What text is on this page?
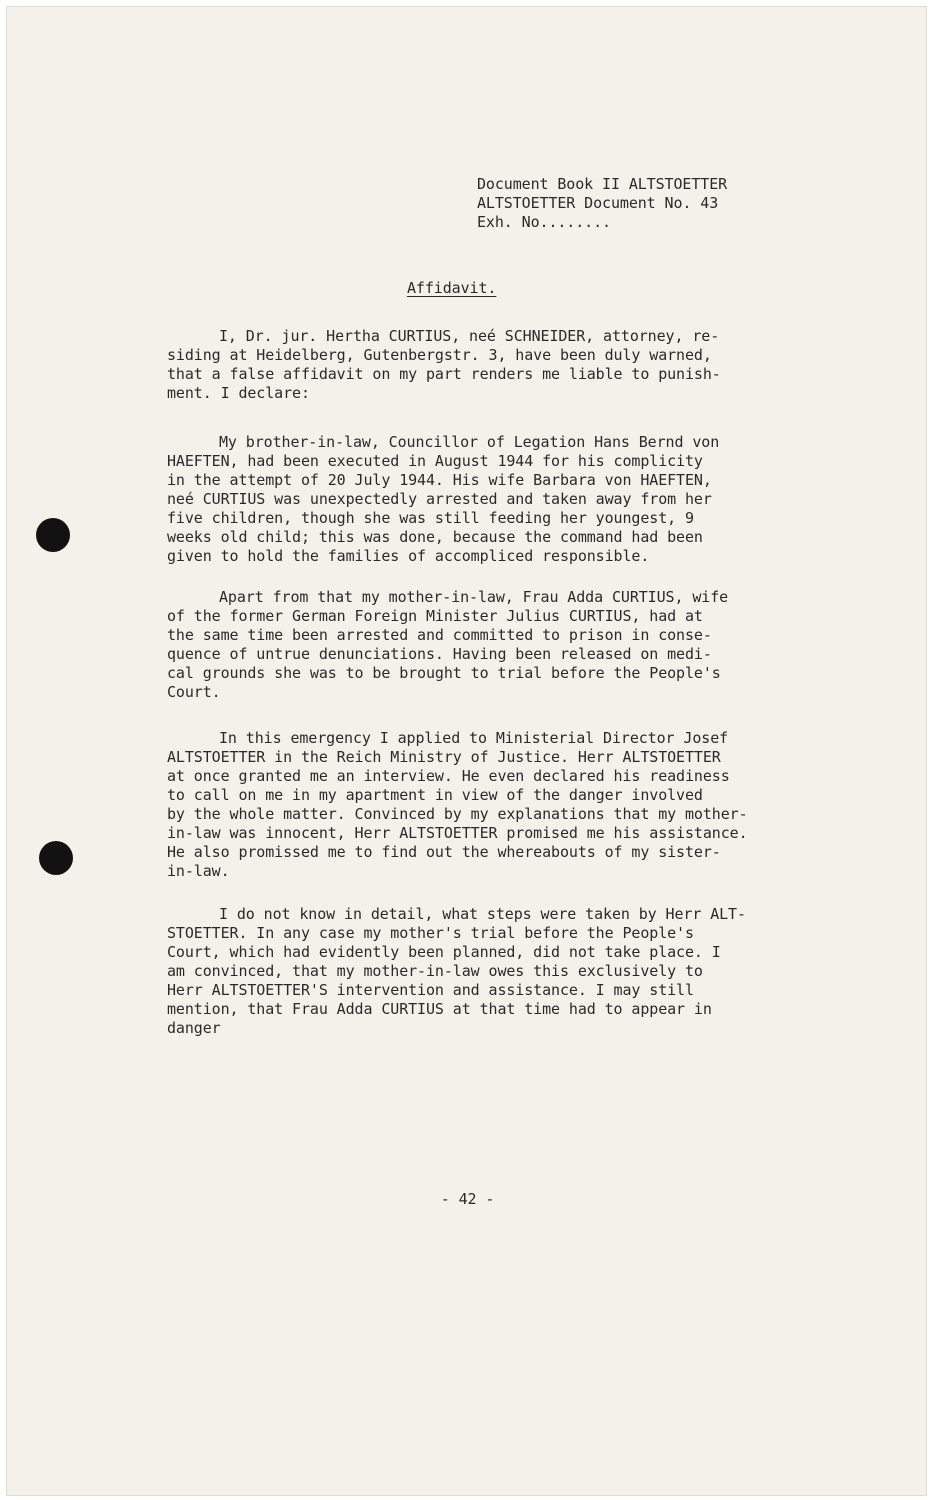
Document Book II ALTSTOETTER
ALTSTOETTER Document No. 43
Exh. No........
Affidavit.
I, Dr. jur. Hertha CURTIUS, neé SCHNEIDER, attorney, re-
siding at Heidelberg, Gutenbergstr. 3, have been duly warned,
that a false affidavit on my part renders me liable to punish-
ment. I declare:
My brother-in-law, Councillor of Legation Hans Bernd von
HAEFTEN, had been executed in August 1944 for his complicity
in the attempt of 20 July 1944. His wife Barbara von HAEFTEN,
neé CURTIUS was unexpectedly arrested and taken away from her
five children, though she was still feeding her youngest, 9
weeks old child; this was done, because the command had been
given to hold the families of accompliced responsible.
Apart from that my mother-in-law, Frau Adda CURTIUS, wife
of the former German Foreign Minister Julius CURTIUS, had at
the same time been arrested and committed to prison in conse-
quence of untrue denunciations. Having been released on medi-
cal grounds she was to be brought to trial before the People's
Court.
In this emergency I applied to Ministerial Director Josef
ALTSTOETTER in the Reich Ministry of Justice. Herr ALTSTOETTER
at once granted me an interview. He even declared his readiness
to call on me in my apartment in view of the danger involved
by the whole matter. Convinced by my explanations that my mother-
in-law was innocent, Herr ALTSTOETTER promised me his assistance.
He also promissed me to find out the whereabouts of my sister-
in-law.
I do not know in detail, what steps were taken by Herr ALT-
STOETTER. In any case my mother's trial before the People's
Court, which had evidently been planned, did not take place. I
am convinced, that my mother-in-law owes this exclusively to
Herr ALTSTOETTER'S intervention and assistance. I may still
mention, that Frau Adda CURTIUS at that time had to appear in
danger
- 42 -
